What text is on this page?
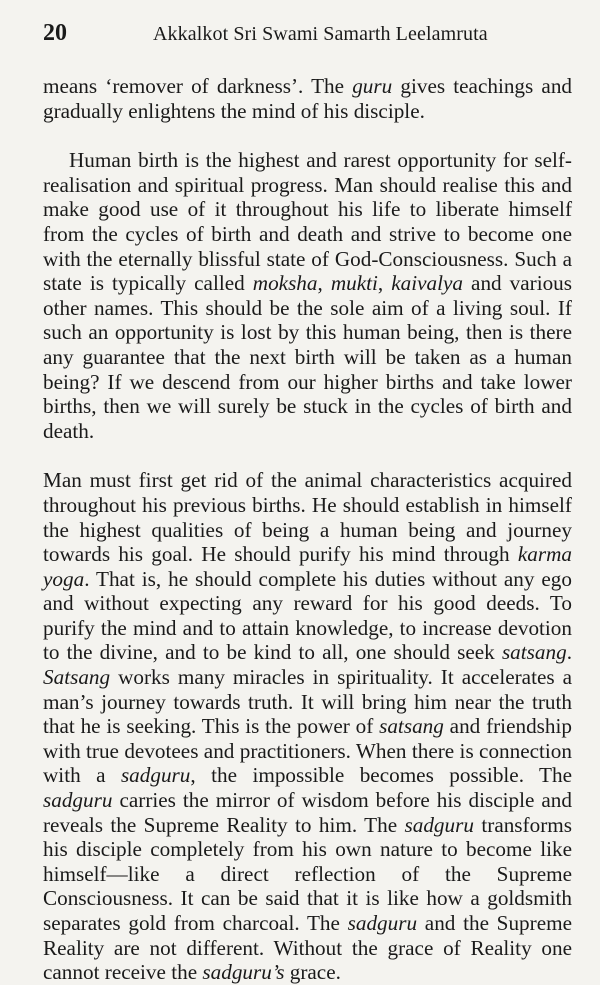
20	Akkalkot Sri Swami Samarth Leelamruta

means ‘remover of darkness’. The guru gives teachings and gradually enlightens the mind of his disciple.

Human birth is the highest and rarest opportunity for self-realisation and spiritual progress. Man should realise this and make good use of it throughout his life to liberate himself from the cycles of birth and death and strive to become one with the eternally blissful state of God-Consciousness. Such a state is typically called moksha, mukti, kaivalya and various other names. This should be the sole aim of a living soul. If such an opportunity is lost by this human being, then is there any guarantee that the next birth will be taken as a human being? If we descend from our higher births and take lower births, then we will surely be stuck in the cycles of birth and death.

Man must first get rid of the animal characteristics acquired throughout his previous births. He should establish in himself the highest qualities of being a human being and journey towards his goal. He should purify his mind through karma yoga. That is, he should complete his duties without any ego and without expecting any reward for his good deeds. To purify the mind and to attain knowledge, to increase devotion to the divine, and to be kind to all, one should seek satsang. Satsang works many miracles in spirituality. It accelerates a man’s journey towards truth. It will bring him near the truth that he is seeking. This is the power of satsang and friendship with true devotees and practitioners. When there is connection with a sadguru, the impossible becomes possible. The sadguru carries the mirror of wisdom before his disciple and reveals the Supreme Reality to him. The sadguru transforms his disciple completely from his own nature to become like himself—like a direct reflection of the Supreme Consciousness. It can be said that it is like how a goldsmith separates gold from charcoal. The sadguru and the Supreme Reality are not different. Without the grace of Reality one cannot receive the sadguru’s grace.
